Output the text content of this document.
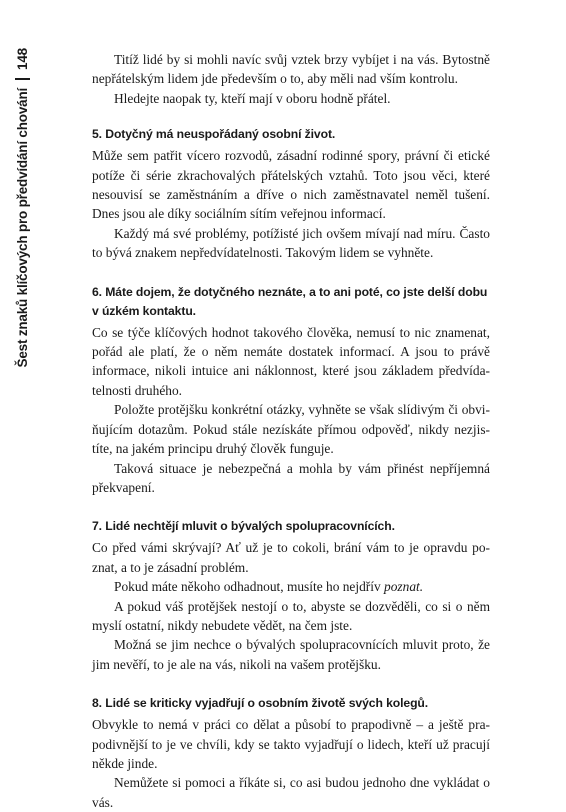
148
Šest znaků klíčových pro předvídání chování

Titíž lidé by si mohli navíc svůj vztek brzy vybíjet i na vás. Bytostně nepřátelským lidem jde především o to, aby měli nad vším kontrolu.

Hledejte naopak ty, kteří mají v oboru hodně přátel.

5. Dotyčný má neuspořádaný osobní život.

Může sem patřit vícero rozvodů, zásadní rodinné spory, právní či etické potíže či série zkrachovalých přátelských vztahů. Toto jsou věci, které nesouvisí se zaměstnáním a dříve o nich zaměstnavatel neměl tušení. Dnes jsou ale díky sociálním sítím veřejnou informací.

Každý má své problémy, potížisté jich ovšem mívají nad míru. Často to bývá znakem nepředvídatelnosti. Takovým lidem se vyhněte.

6. Máte dojem, že dotyčného neznáte, a to ani poté, co jste delší dobu v úzkém kontaktu.

Co se týče klíčových hodnot takového člověka, nemusí to nic znamenat, pořád ale platí, že o něm nemáte dostatek informací. A jsou to právě informace, nikoli intuice ani náklonnost, které jsou základem předvídatelnosti druhého.

Položte protějšku konkrétní otázky, vyhněte se však slídivým či obviňujícím dotazům. Pokud stále nezískáte přímou odpověď, nikdy nezjistíte, na jakém principu druhý člověk funguje.

Taková situace je nebezpečná a mohla by vám přinést nepříjemná překvapení.

7. Lidé nechtějí mluvit o bývalých spolupracovnících.

Co před vámi skrývají? Ať už je to cokoli, brání vám to je opravdu poznat, a to je zásadní problém.

Pokud máte někoho odhadnout, musíte ho nejdřív poznat.

A pokud váš protějšek nestojí o to, abyste se dozvěděli, co si o něm myslí ostatní, nikdy nebudete vědět, na čem jste.

Možná se jim nechce o bývalých spolupracovnících mluvit proto, že jim nevěří, to je ale na vás, nikoli na vašem protějšku.

8. Lidé se kriticky vyjadřují o osobním životě svých kolegů.

Obvykle to nemá v práci co dělat a působí to prapodivně – a ještě prapodivnější to je ve chvíli, kdy se takto vyjadřují o lidech, kteří už pracují někde jinde.

Nemůžete si pomoci a říkáte si, co asi budou jednoho dne vykládat o vás.
